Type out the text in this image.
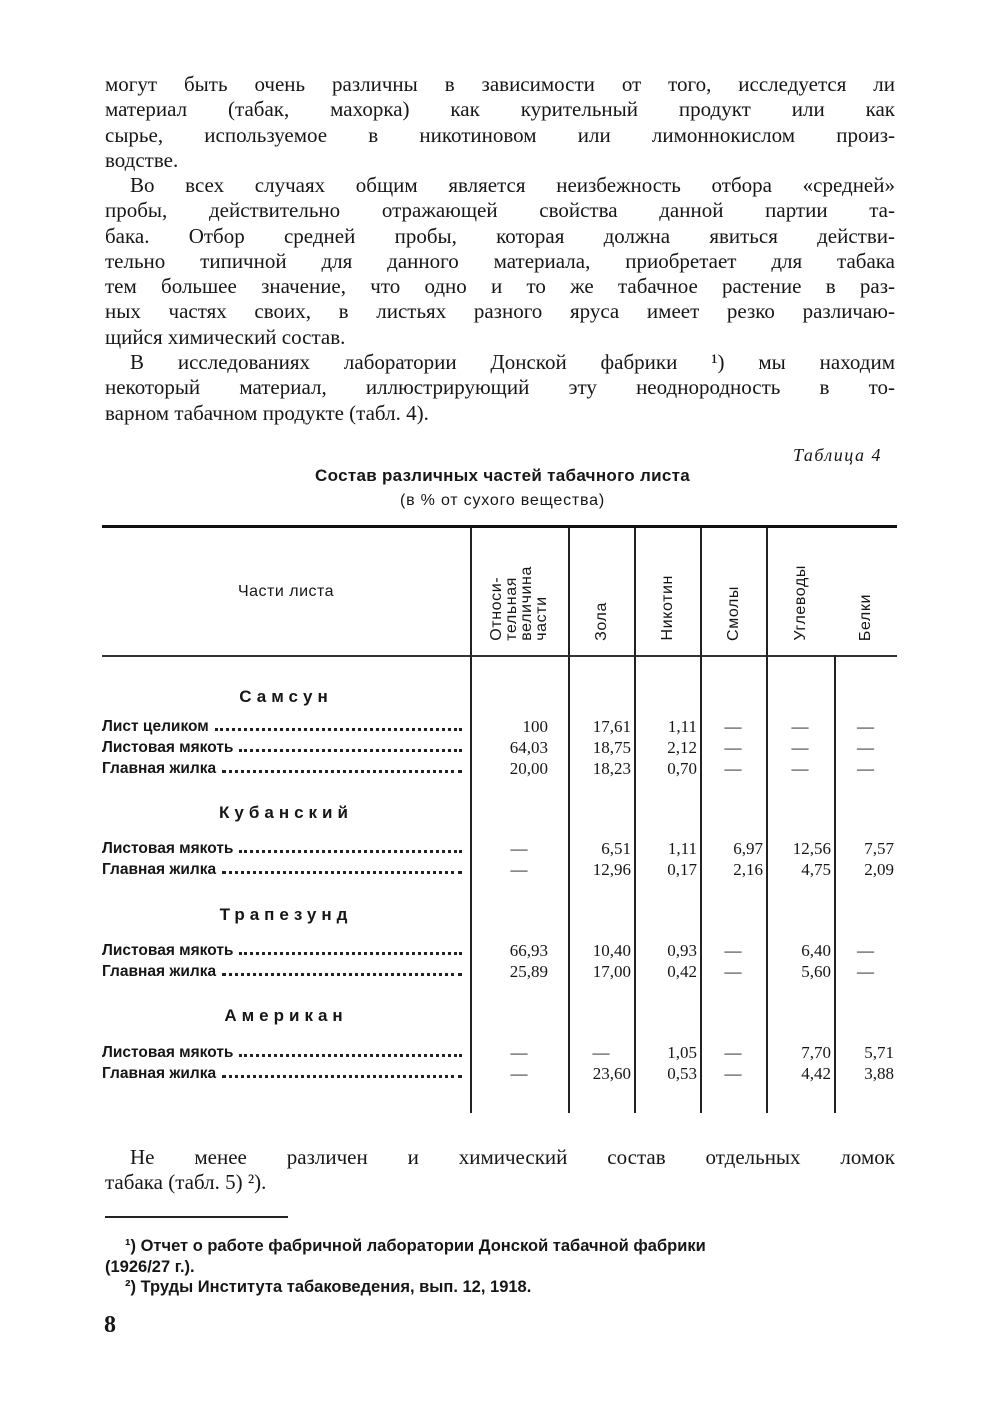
могут быть очень различны в зависимости от того, исследуется ли
материал (табак, махорка) как курительный продукт или как
сырье, используемое в никотиновом или лимоннокислом произ-
водстве.
Во всех случаях общим является неизбежность отбора «средней»
пробы, действительно отражающей свойства данной партии та-
бака. Отбор средней пробы, которая должна явиться действи-
тельно типичной для данного материала, приобретает для табака
тем большее значение, что одно и то же табачное растение в раз-
ных частях своих, в листьях разного яруса имеет резко различаю-
щийся химический состав.
В исследованиях лаборатории Донской фабрики ¹) мы находим
некоторый материал, иллюстрирующий эту неоднородность в то-
варном табачном продукте (табл. 4).
Таблица 4
Состав различных частей табачного листа
(в % от сухого вещества)
Части листа	Относи-
тельная
величина
части	Зола	Никотин	Смолы	Углеводы	Белки
Самсун
Лист целиком	100	17,61	1,11	—	—	—
Листовая мякоть	64,03	18,75	2,12	—	—	—
Главная жилка	20,00	18,23	0,70	—	—	—
Кубанский
Листовая мякоть	—	6,51	1,11	6,97	12,56	7,57
Главная жилка	—	12,96	0,17	2,16	4,75	2,09
Трапезунд
Листовая мякоть	66,93	10,40	0,93	—	6,40	—
Главная жилка	25,89	17,00	0,42	—	5,60	—
Американ
Листовая мякоть	—	—	1,05	—	7,70	5,71
Главная жилка	—	23,60	0,53	—	4,42	3,88
Не менее различен и химический состав отдельных ломок
табака (табл. 5) ²).
¹) Отчет о работе фабричной лаборатории Донской табачной фабрики
(1926/27 г.).
²) Труды Института табаковедения, вып. 12, 1918.
8
